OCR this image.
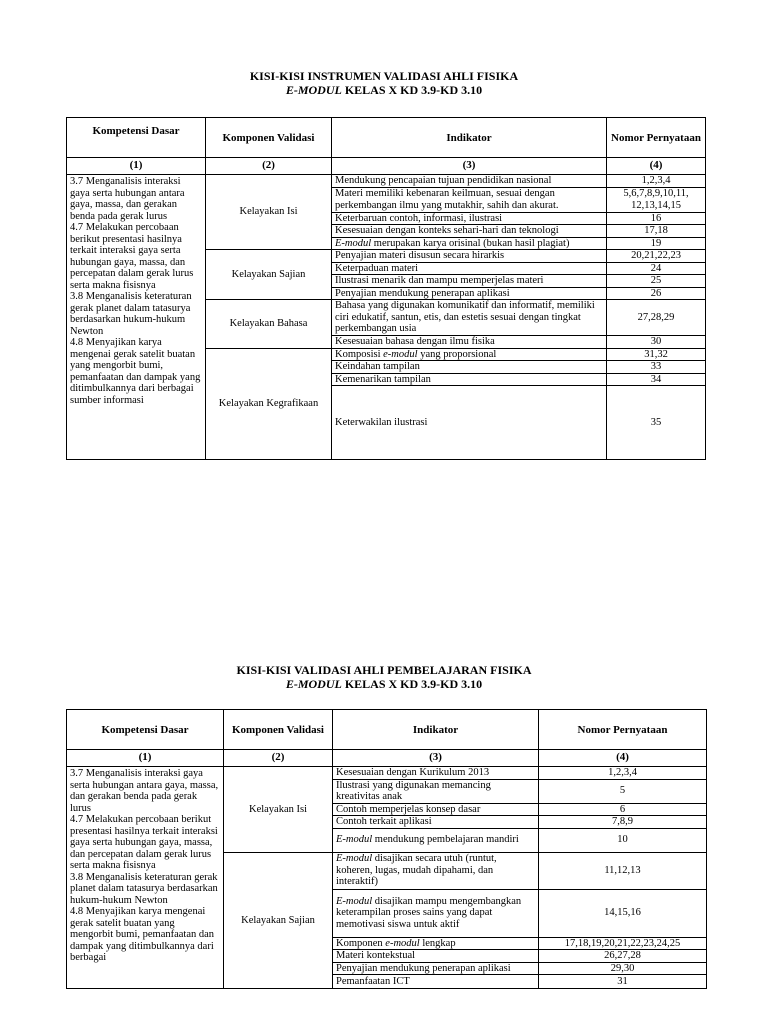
KISI-KISI INSTRUMEN VALIDASI AHLI FISIKA
E-MODUL KELAS X KD 3.9-KD 3.10
Kompetensi Dasar	Komponen Validasi	Indikator	Nomor Pernyataan
(1)	(2)	(3)	(4)
3.7 Menganalisis interaksi gaya serta hubungan antara gaya, massa, dan gerakan benda pada gerak lurus
4.7 Melakukan percobaan berikut presentasi hasilnya terkait interaksi gaya serta hubungan gaya, massa, dan percepatan dalam gerak lurus serta makna fisisnya
3.8 Menganalisis keteraturan gerak planet dalam tatasurya berdasarkan hukum-hukum Newton
4.8 Menyajikan karya mengenai gerak satelit buatan yang mengorbit bumi, pemanfaatan dan dampak yang ditimbulkannya dari berbagai sumber informasi	Kelayakan Isi	Mendukung pencapaian tujuan pendidikan nasional	1,2,3,4
		Materi memiliki kebenaran keilmuan, sesuai dengan perkembangan ilmu yang mutakhir, sahih dan akurat.	5,6,7,8,9,10,11, 12,13,14,15
		Keterbaruan contoh, informasi, ilustrasi	16
		Kesesuaian dengan konteks sehari-hari dan teknologi	17,18
		E-modul merupakan karya orisinal (bukan hasil plagiat)	19
	Kelayakan Sajian	Penyajian materi disusun secara hirarkis	20,21,22,23
		Keterpaduan materi	24
		Ilustrasi menarik dan mampu memperjelas materi	25
		Penyajian mendukung penerapan aplikasi	26
	Kelayakan Bahasa	Bahasa yang digunakan komunikatif dan informatif, memiliki ciri edukatif, santun, etis, dan estetis sesuai dengan tingkat perkembangan usia	27,28,29
		Kesesuaian bahasa dengan ilmu fisika	30
	Kelayakan Kegrafikaan	Komposisi e-modul yang proporsional	31,32
		Keindahan tampilan	33
		Kemenarikan tampilan	34
		Keterwakilan ilustrasi	35
KISI-KISI VALIDASI AHLI PEMBELAJARAN FISIKA
E-MODUL KELAS X KD 3.9-KD 3.10
Kompetensi Dasar	Komponen Validasi	Indikator	Nomor Pernyataan
(1)	(2)	(3)	(4)
3.7 Menganalisis interaksi gaya serta hubungan antara gaya, massa, dan gerakan benda pada gerak lurus
4.7 Melakukan percobaan berikut presentasi hasilnya terkait interaksi gaya serta hubungan gaya, massa, dan percepatan dalam gerak lurus serta makna fisisnya
3.8 Menganalisis keteraturan gerak planet dalam tatasurya berdasarkan hukum-hukum Newton
4.8 Menyajikan karya mengenai gerak satelit buatan yang mengorbit bumi, pemanfaatan dan dampak yang ditimbulkannya dari berbagai	Kelayakan Isi	Kesesuaian dengan Kurikulum 2013	1,2,3,4
		Ilustrasi yang digunakan memancing kreativitas anak	5
		Contoh memperjelas konsep dasar	6
		Contoh terkait aplikasi	7,8,9
		E-modul mendukung pembelajaran mandiri	10
	Kelayakan Sajian	E-modul disajikan secara utuh (runtut, koheren, lugas, mudah dipahami, dan interaktif)	11,12,13
		E-modul disajikan mampu mengembangkan keterampilan proses sains yang dapat memotivasi siswa untuk aktif	14,15,16
		Komponen e-modul lengkap	17,18,19,20,21,22,23,24,25
		Materi kontekstual	26,27,28
		Penyajian mendukung penerapan aplikasi	29,30
		Pemanfaatan ICT	31
